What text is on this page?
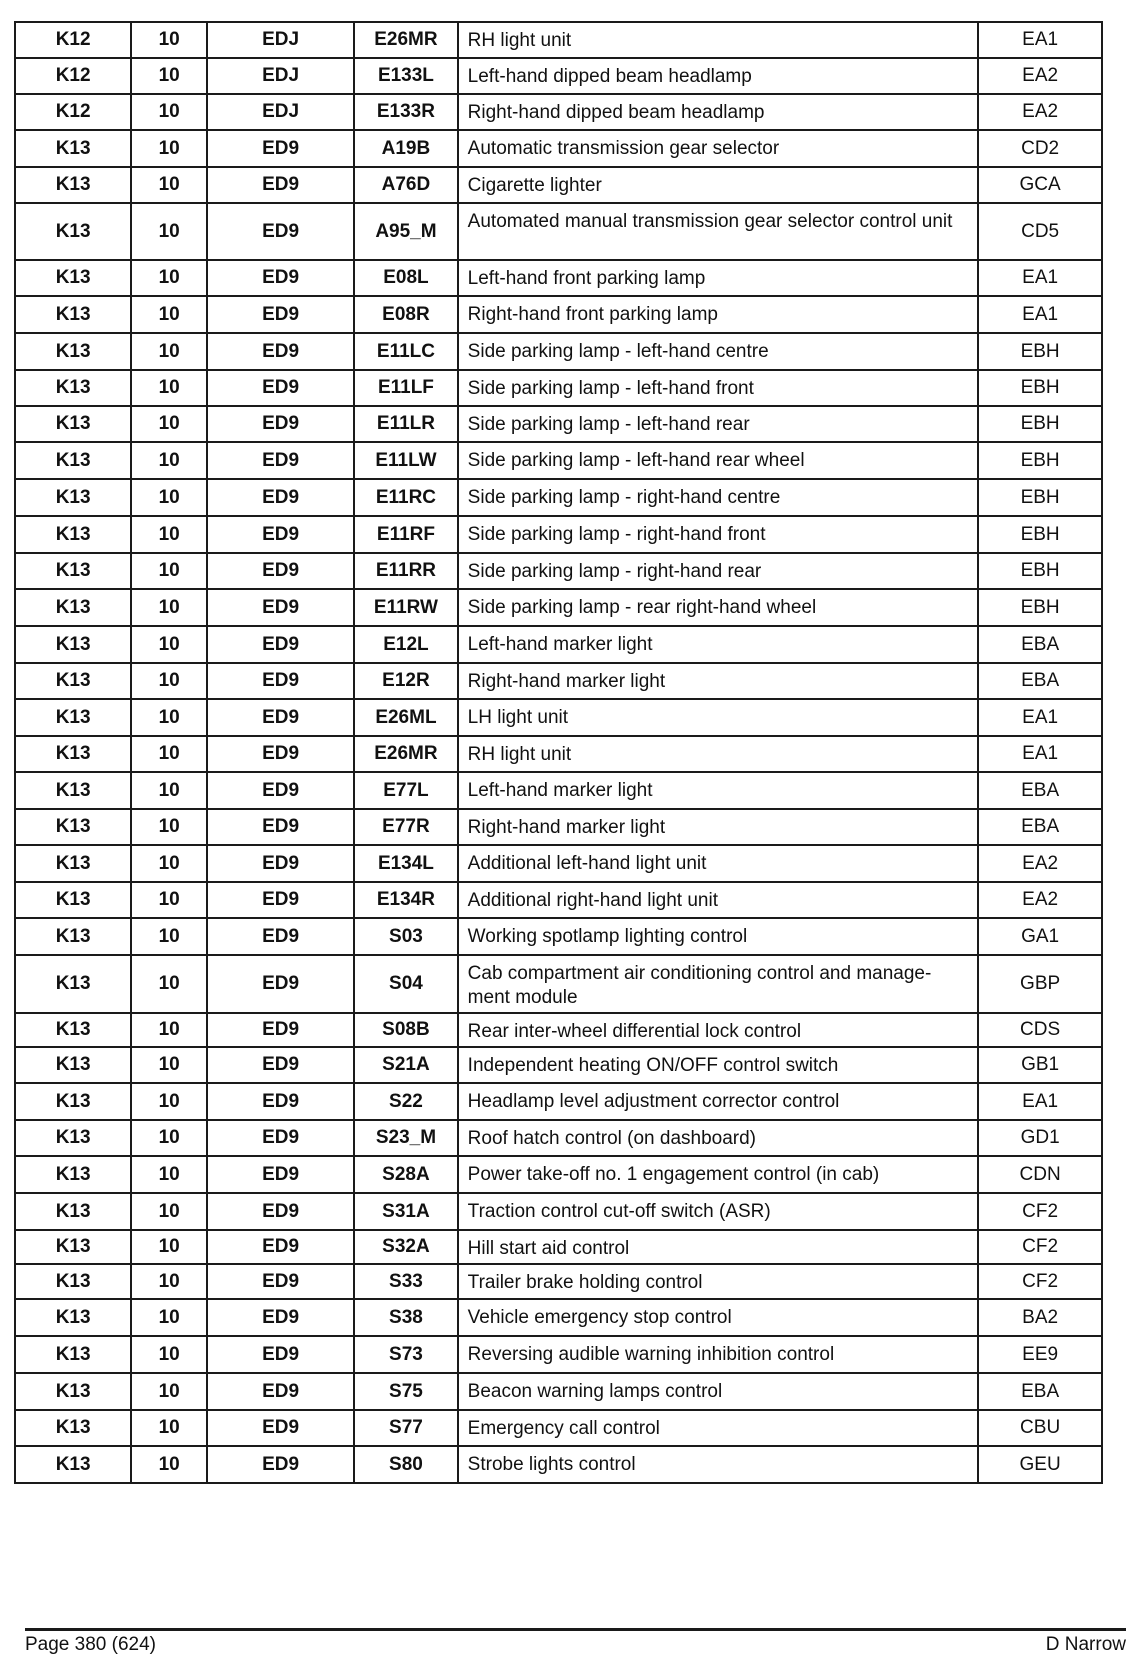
K12	10	EDJ	E26MR	RH light unit	EA1
K12	10	EDJ	E133L	Left-hand dipped beam headlamp	EA2
K12	10	EDJ	E133R	Right-hand dipped beam headlamp	EA2
K13	10	ED9	A19B	Automatic transmission gear selector	CD2
K13	10	ED9	A76D	Cigarette lighter	GCA
K13	10	ED9	A95_M	Automated manual transmission gear selector control unit	CD5
K13	10	ED9	E08L	Left-hand front parking lamp	EA1
K13	10	ED9	E08R	Right-hand front parking lamp	EA1
K13	10	ED9	E11LC	Side parking lamp - left-hand centre	EBH
K13	10	ED9	E11LF	Side parking lamp - left-hand front	EBH
K13	10	ED9	E11LR	Side parking lamp - left-hand rear	EBH
K13	10	ED9	E11LW	Side parking lamp - left-hand rear wheel	EBH
K13	10	ED9	E11RC	Side parking lamp - right-hand centre	EBH
K13	10	ED9	E11RF	Side parking lamp - right-hand front	EBH
K13	10	ED9	E11RR	Side parking lamp - right-hand rear	EBH
K13	10	ED9	E11RW	Side parking lamp - rear right-hand wheel	EBH
K13	10	ED9	E12L	Left-hand marker light	EBA
K13	10	ED9	E12R	Right-hand marker light	EBA
K13	10	ED9	E26ML	LH light unit	EA1
K13	10	ED9	E26MR	RH light unit	EA1
K13	10	ED9	E77L	Left-hand marker light	EBA
K13	10	ED9	E77R	Right-hand marker light	EBA
K13	10	ED9	E134L	Additional left-hand light unit	EA2
K13	10	ED9	E134R	Additional right-hand light unit	EA2
K13	10	ED9	S03	Working spotlamp lighting control	GA1
K13	10	ED9	S04	Cab compartment air conditioning control and manage-ment module	GBP
K13	10	ED9	S08B	Rear inter-wheel differential lock control	CDS
K13	10	ED9	S21A	Independent heating ON/OFF control switch	GB1
K13	10	ED9	S22	Headlamp level adjustment corrector control	EA1
K13	10	ED9	S23_M	Roof hatch control (on dashboard)	GD1
K13	10	ED9	S28A	Power take-off no. 1 engagement control (in cab)	CDN
K13	10	ED9	S31A	Traction control cut-off switch (ASR)	CF2
K13	10	ED9	S32A	Hill start aid control	CF2
K13	10	ED9	S33	Trailer brake holding control	CF2
K13	10	ED9	S38	Vehicle emergency stop control	BA2
K13	10	ED9	S73	Reversing audible warning inhibition control	EE9
K13	10	ED9	S75	Beacon warning lamps control	EBA
K13	10	ED9	S77	Emergency call control	CBU
K13	10	ED9	S80	Strobe lights control	GEU
Page 380 (624)	D Narrow
